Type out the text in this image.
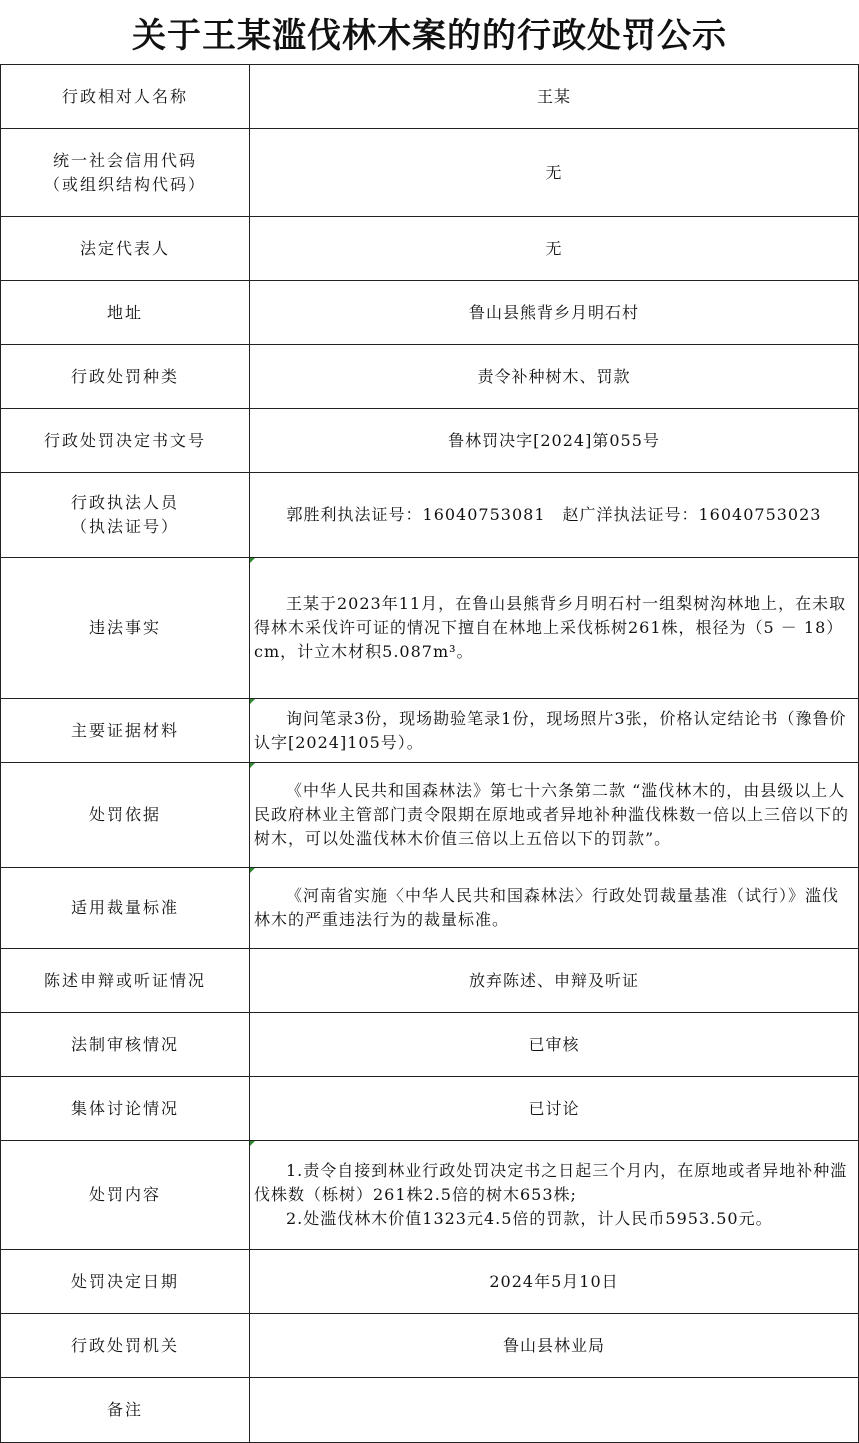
关于王某滥伐林木案的的行政处罚公示
行政相对人名称	王某

统一社会信用代码
（或组织结构代码）	无

法定代表人	无

地址	鲁山县熊背乡月明石村

行政处罚种类	责令补种树木、罚款

行政处罚决定书文号	鲁林罚决字[2024]第055号

行政执法人员
（执法证号）	郭胜利执法证号：16040753081　赵广洋执法证号：16040753023

违法事实	王某于2023年11月，在鲁山县熊背乡月明石村一组梨树沟林地上，在未取得林木采伐许可证的情况下擅自在林地上采伐栎树261株，根径为（5 － 18）cm，计立木材积5.087m³。

主要证据材料	询问笔录3份，现场勘验笔录1份，现场照片3张，价格认定结论书（豫鲁价认字[2024]105号）。

处罚依据	《中华人民共和国森林法》第七十六条第二款 “滥伐林木的，由县级以上人民政府林业主管部门责令限期在原地或者异地补种滥伐株数一倍以上三倍以下的树木，可以处滥伐林木价值三倍以上五倍以下的罚款”。

适用裁量标准	《河南省实施〈中华人民共和国森林法〉行政处罚裁量基准（试行）》滥伐林木的严重违法行为的裁量标准。

陈述申辩或听证情况	放弃陈述、申辩及听证

法制审核情况	已审核

集体讨论情况	已讨论

处罚内容	1.责令自接到林业行政处罚决定书之日起三个月内，在原地或者异地补种滥伐株数（栎树）261株2.5倍的树木653株;
2.处滥伐林木价值1323元4.5倍的罚款，计人民币5953.50元。

处罚决定日期	2024年5月10日

行政处罚机关	鲁山县林业局

备注	
